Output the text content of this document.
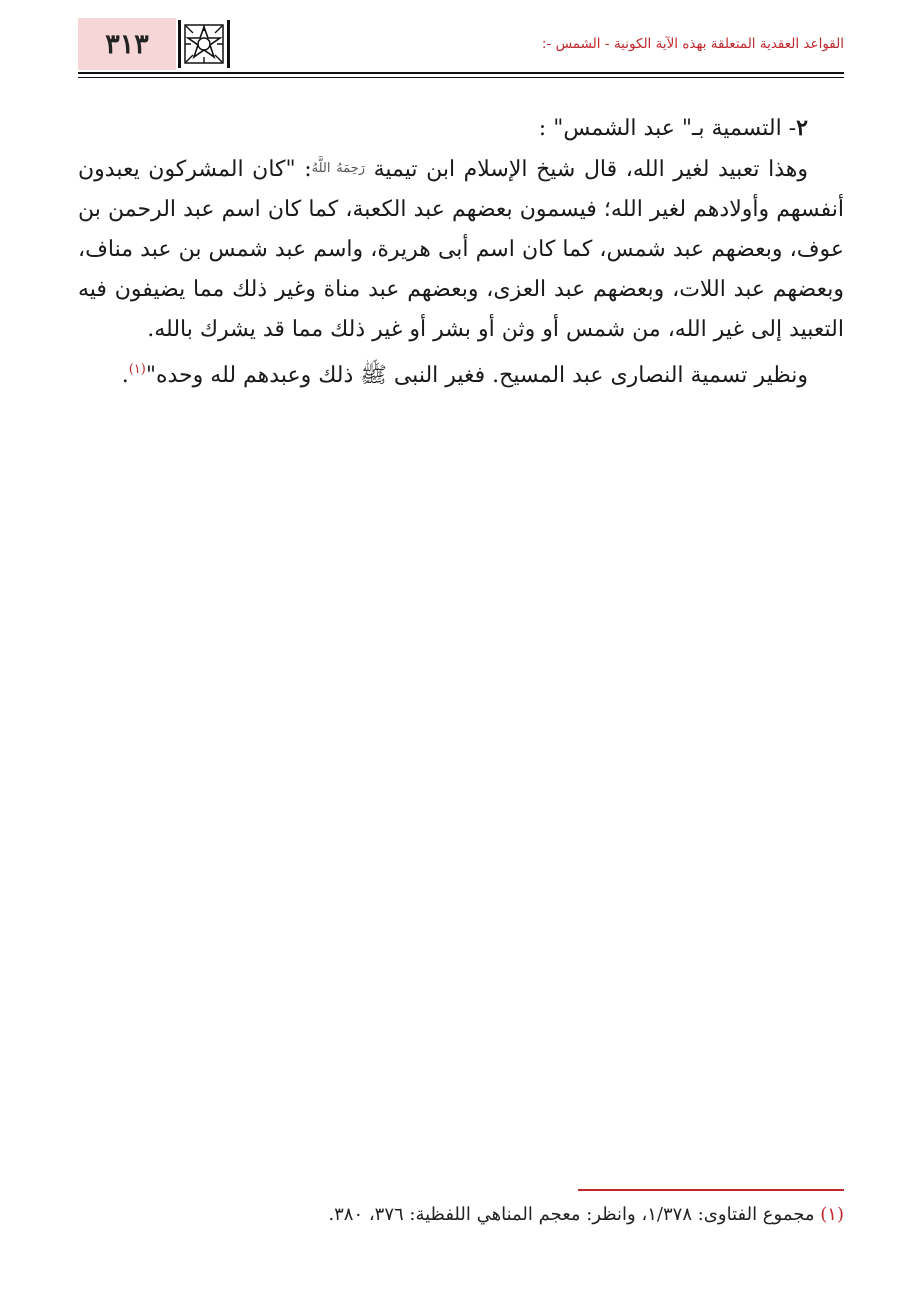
٣١٣	القواعد العقدية المتعلقة بهذه الآية الكونية - الشمس -:

٢- التسمية بـ" عبد الشمس" :

وهذا تعبيد لغير الله، قال شيخ الإسلام ابن تيمية رَحِمَهُ اللَّهُ: "كان المشركون يعبدون أنفسهم وأولادهم لغير الله؛ فيسمون بعضهم عبد الكعبة، كما كان اسم عبد الرحمن بن عوف، وبعضهم عبد شمس، كما كان اسم أبى هريرة، واسم عبد شمس بن عبد مناف، وبعضهم عبد اللات، وبعضهم عبد العزى، وبعضهم عبد مناة وغير ذلك مما يضيفون فيه التعبيد إلى غير الله، من شمس أو وثن أو بشر أو غير ذلك مما قد يشرك بالله.

ونظير تسمية النصارى عبد المسيح. فغير النبى ﷺ ذلك وعبدهم لله وحده"$^{(١)}$.

(١) مجموع الفتاوى: ١/٣٧٨، وانظر: معجم المناهي اللفظية: ٣٧٦، ٣٨٠.
